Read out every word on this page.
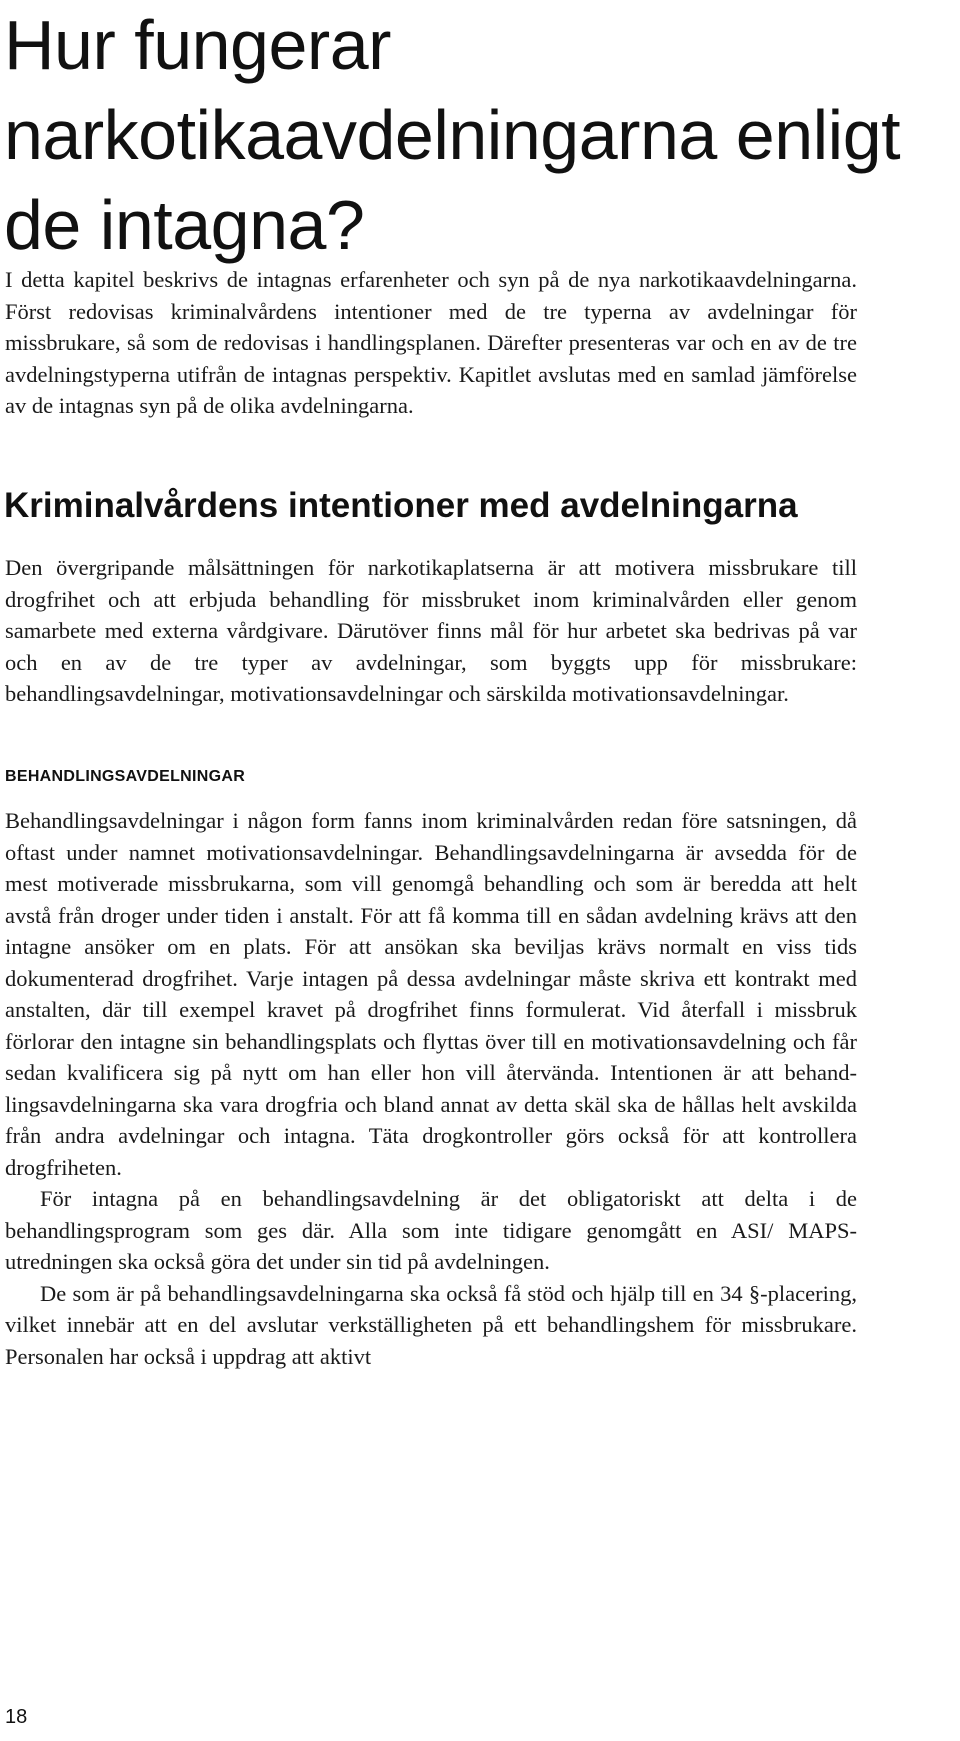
Hur fungerar narkotikaavdelningarna enligt de intagna?

I detta kapitel beskrivs de intagnas erfarenheter och syn på de nya narkotikaavdelningarna. Först redovisas kriminalvårdens intentioner med de tre typerna av avdelningar för missbrukare, så som de redovisas i handlingsplanen. Därefter presenteras var och en av de tre avdelningstyperna utifrån de intagnas perspektiv. Kapitlet avslutas med en samlad jämförelse av de intagnas syn på de olika avdelningarna.

Kriminalvårdens intentioner med avdelningarna

Den övergripande målsättningen för narkotikaplatserna är att motivera missbrukare till drogfrihet och att erbjuda behandling för missbruket inom kriminalvården eller genom samarbete med externa vårdgivare. Därutöver finns mål för hur arbetet ska bedrivas på var och en av de tre typer av avdelningar, som byggts upp för missbrukare: behandlingsavdelningar, motivationsavdelningar och särskilda motivationsavdelningar.

BEHANDLINGSAVDELNINGAR

Behandlingsavdelningar i någon form fanns inom kriminalvården redan före satsningen, då oftast under namnet motivationsavdelningar. Behandlingsavdelningarna är avsedda för de mest motiverade missbrukarna, som vill genomgå behandling och som är beredda att helt avstå från droger under tiden i anstalt. För att få komma till en sådan avdelning krävs att den intagne ansöker om en plats. För att ansökan ska beviljas krävs normalt en viss tids dokumenterad drogfrihet. Varje intagen på dessa avdelningar måste skriva ett kontrakt med anstalten, där till exempel kravet på drogfrihet finns formulerat. Vid återfall i missbruk förlorar den intagne sin behandlingsplats och flyttas över till en motivationsavdelning och får sedan kvalificera sig på nytt om han eller hon vill återvända. Intentionen är att behandlingsavdelningarna ska vara drogfria och bland annat av detta skäl ska de hållas helt avskilda från andra avdelningar och intagna. Täta drogkontroller görs också för att kontrollera drogfriheten.

För intagna på en behandlingsavdelning är det obligatoriskt att delta i de behandlingsprogram som ges där. Alla som inte tidigare genomgått en ASI/ MAPS-utredningen ska också göra det under sin tid på avdelningen.

De som är på behandlingsavdelningarna ska också få stöd och hjälp till en 34 §-placering, vilket innebär att en del avslutar verkställigheten på ett behandlingshem för missbrukare. Personalen har också i uppdrag att aktivt

18
